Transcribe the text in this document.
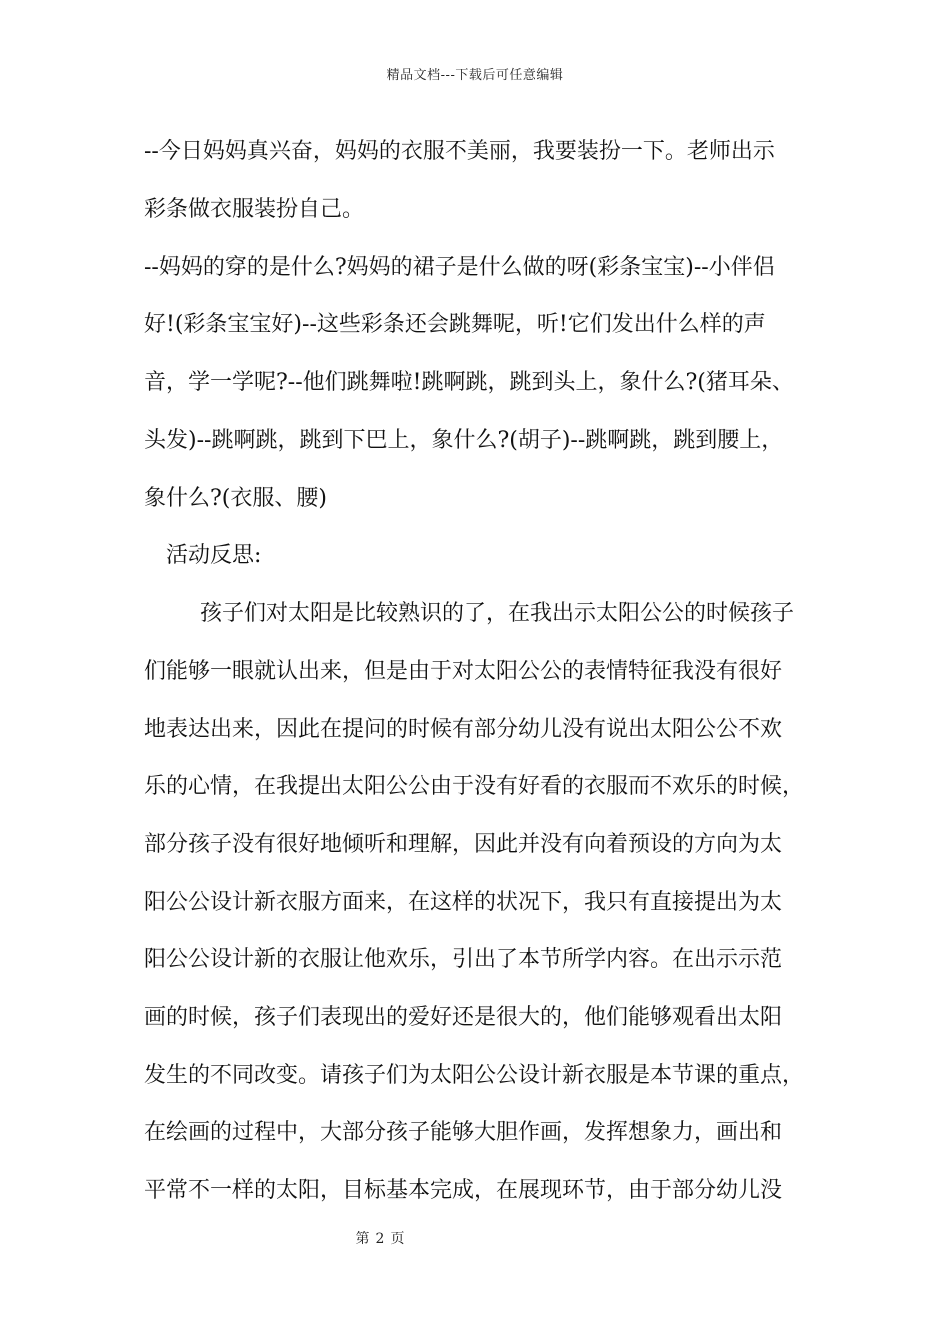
精品文档---下载后可任意编辑
--今日妈妈真兴奋，妈妈的衣服不美丽，我要装扮一下。老师出示
彩条做衣服装扮自己。
--妈妈的穿的是什么?妈妈的裙子是什么做的呀(彩条宝宝)--小伴侣
好!(彩条宝宝好)--这些彩条还会跳舞呢，听!它们发出什么样的声
音，学一学呢?--他们跳舞啦!跳啊跳，跳到头上，象什么?(猪耳朵、
头发)--跳啊跳，跳到下巴上，象什么?(胡子)--跳啊跳，跳到腰上，
象什么?(衣服、腰)
活动反思:
孩子们对太阳是比较熟识的了，在我出示太阳公公的时候孩子
们能够一眼就认出来，但是由于对太阳公公的表情特征我没有很好
地表达出来，因此在提问的时候有部分幼儿没有说出太阳公公不欢
乐的心情，在我提出太阳公公由于没有好看的衣服而不欢乐的时候，
部分孩子没有很好地倾听和理解，因此并没有向着预设的方向为太
阳公公设计新衣服方面来，在这样的状况下，我只有直接提出为太
阳公公设计新的衣服让他欢乐，引出了本节所学内容。在出示示范
画的时候，孩子们表现出的爱好还是很大的，他们能够观看出太阳
发生的不同改变。请孩子们为太阳公公设计新衣服是本节课的重点，
在绘画的过程中，大部分孩子能够大胆作画，发挥想象力，画出和
平常不一样的太阳，目标基本完成，在展现环节，由于部分幼儿没
第 2 页
